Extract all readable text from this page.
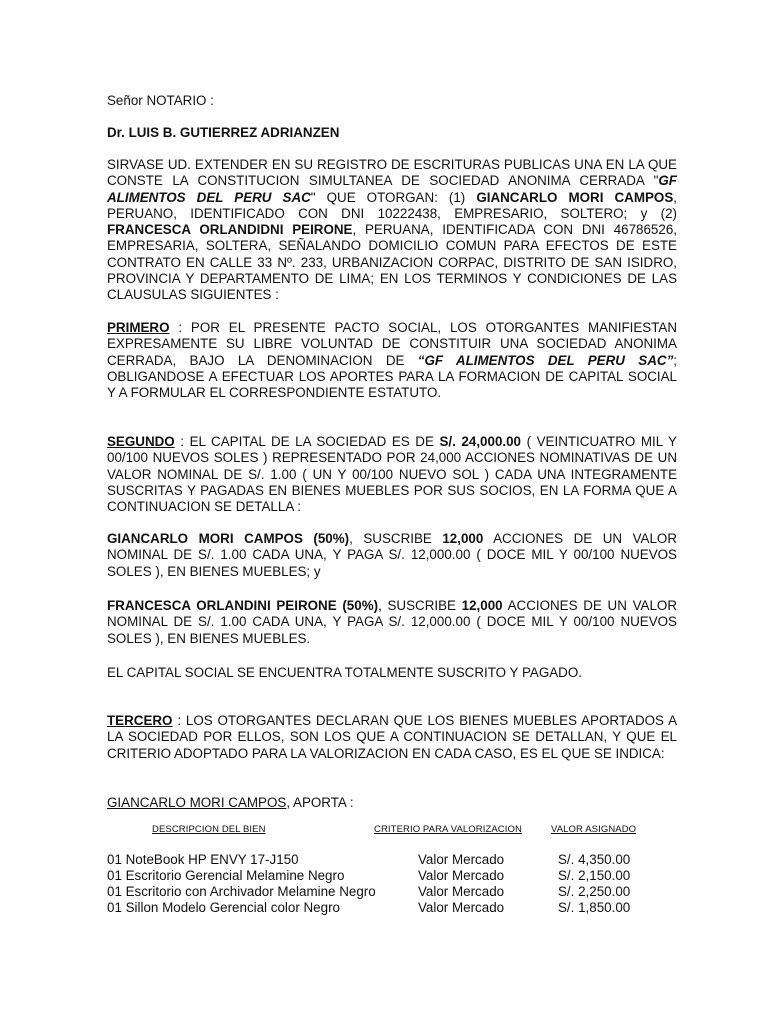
Señor NOTARIO :

Dr. LUIS B. GUTIERREZ ADRIANZEN

SIRVASE UD. EXTENDER EN SU REGISTRO DE ESCRITURAS PUBLICAS UNA EN LA QUE CONSTE LA CONSTITUCION SIMULTANEA DE SOCIEDAD ANONIMA CERRADA "GF ALIMENTOS DEL PERU SAC" QUE OTORGAN: (1) GIANCARLO MORI CAMPOS, PERUANO, IDENTIFICADO CON DNI 10222438, EMPRESARIO, SOLTERO; y (2) FRANCESCA ORLANDIDNI PEIRONE, PERUANA, IDENTIFICADA CON DNI 46786526, EMPRESARIA, SOLTERA, SEÑALANDO DOMICILIO COMUN PARA EFECTOS DE ESTE CONTRATO EN CALLE 33 Nº. 233, URBANIZACION CORPAC, DISTRITO DE SAN ISIDRO, PROVINCIA Y DEPARTAMENTO DE LIMA; EN LOS TERMINOS Y CONDICIONES DE LAS CLAUSULAS SIGUIENTES :

PRIMERO : POR EL PRESENTE PACTO SOCIAL, LOS OTORGANTES MANIFIESTAN EXPRESAMENTE SU LIBRE VOLUNTAD DE CONSTITUIR UNA SOCIEDAD ANONIMA CERRADA, BAJO LA DENOMINACION DE “GF ALIMENTOS DEL PERU SAC”; OBLIGANDOSE A EFECTUAR LOS APORTES PARA LA FORMACION DE CAPITAL SOCIAL Y A FORMULAR EL CORRESPONDIENTE ESTATUTO.

SEGUNDO : EL CAPITAL DE LA SOCIEDAD ES DE S/. 24,000.00 ( VEINTICUATRO MIL Y 00/100 NUEVOS SOLES ) REPRESENTADO POR 24,000 ACCIONES NOMINATIVAS DE UN VALOR NOMINAL DE S/. 1.00 ( UN Y 00/100 NUEVO SOL ) CADA UNA INTEGRAMENTE SUSCRITAS Y PAGADAS EN BIENES MUEBLES POR SUS SOCIOS, EN LA FORMA QUE A CONTINUACION SE DETALLA :

GIANCARLO MORI CAMPOS (50%), SUSCRIBE 12,000 ACCIONES DE UN VALOR NOMINAL DE S/. 1.00 CADA UNA, Y PAGA S/. 12,000.00 ( DOCE MIL Y 00/100 NUEVOS SOLES ), EN BIENES MUEBLES; y

FRANCESCA ORLANDINI PEIRONE (50%), SUSCRIBE 12,000 ACCIONES DE UN VALOR NOMINAL DE S/. 1.00 CADA UNA, Y PAGA S/. 12,000.00 ( DOCE MIL Y 00/100 NUEVOS SOLES ), EN BIENES MUEBLES.

EL CAPITAL SOCIAL SE ENCUENTRA TOTALMENTE SUSCRITO Y PAGADO.

TERCERO : LOS OTORGANTES DECLARAN QUE LOS BIENES MUEBLES APORTADOS A LA SOCIEDAD POR ELLOS, SON LOS QUE A CONTINUACION SE DETALLAN, Y QUE EL CRITERIO ADOPTADO PARA LA VALORIZACION EN CADA CASO, ES EL QUE SE INDICA:

GIANCARLO MORI CAMPOS, APORTA :

DESCRIPCION DEL BIEN	CRITERIO PARA VALORIZACION	VALOR ASIGNADO
01 NoteBook HP ENVY 17-J150	Valor Mercado	S/. 4,350.00
01 Escritorio Gerencial Melamine Negro	Valor Mercado	S/. 2,150.00
01 Escritorio con Archivador Melamine Negro	Valor Mercado	S/. 2,250.00
01 Sillon Modelo Gerencial color Negro	Valor Mercado	S/. 1,850.00
